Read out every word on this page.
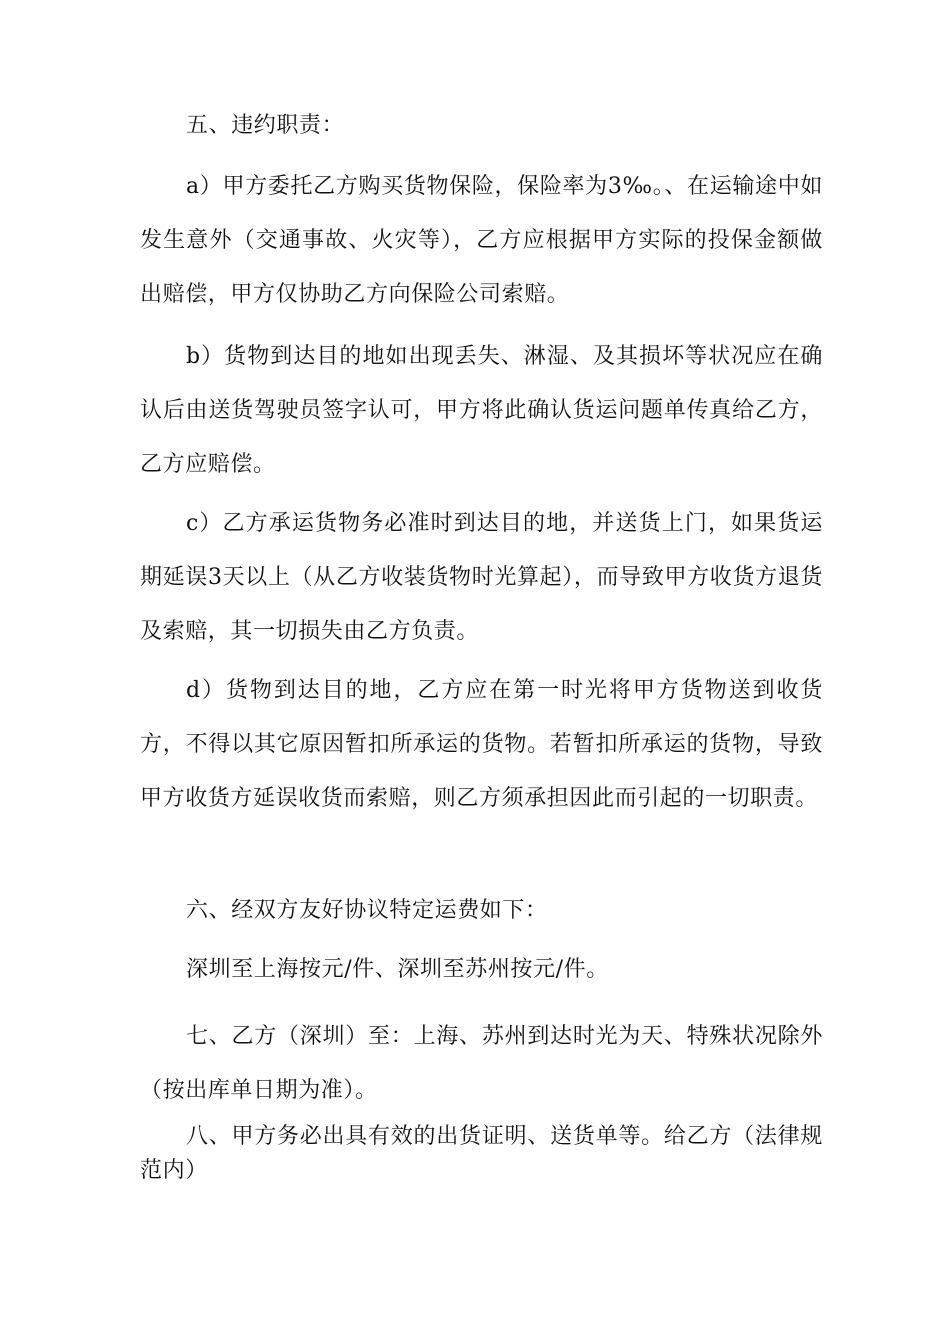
五、违约职责：

a）甲方委托乙方购买货物保险，保险率为3‰。、在运输途中如发生意外（交通事故、火灾等），乙方应根据甲方实际的投保金额做出赔偿，甲方仅协助乙方向保险公司索赔。

b）货物到达目的地如出现丢失、淋湿、及其损坏等状况应在确认后由送货驾驶员签字认可，甲方将此确认货运问题单传真给乙方，乙方应赔偿。

c）乙方承运货物务必准时到达目的地，并送货上门，如果货运期延误3天以上（从乙方收装货物时光算起），而导致甲方收货方退货及索赔，其一切损失由乙方负责。

d）货物到达目的地，乙方应在第一时光将甲方货物送到收货方，不得以其它原因暂扣所承运的货物。若暂扣所承运的货物，导致甲方收货方延误收货而索赔，则乙方须承担因此而引起的一切职责。

六、经双方友好协议特定运费如下：

深圳至上海按元/件、深圳至苏州按元/件。

七、乙方（深圳）至：上海、苏州到达时光为天、特殊状况除外（按出库单日期为准）。

八、甲方务必出具有效的出货证明、送货单等。给乙方（法律规范内）
